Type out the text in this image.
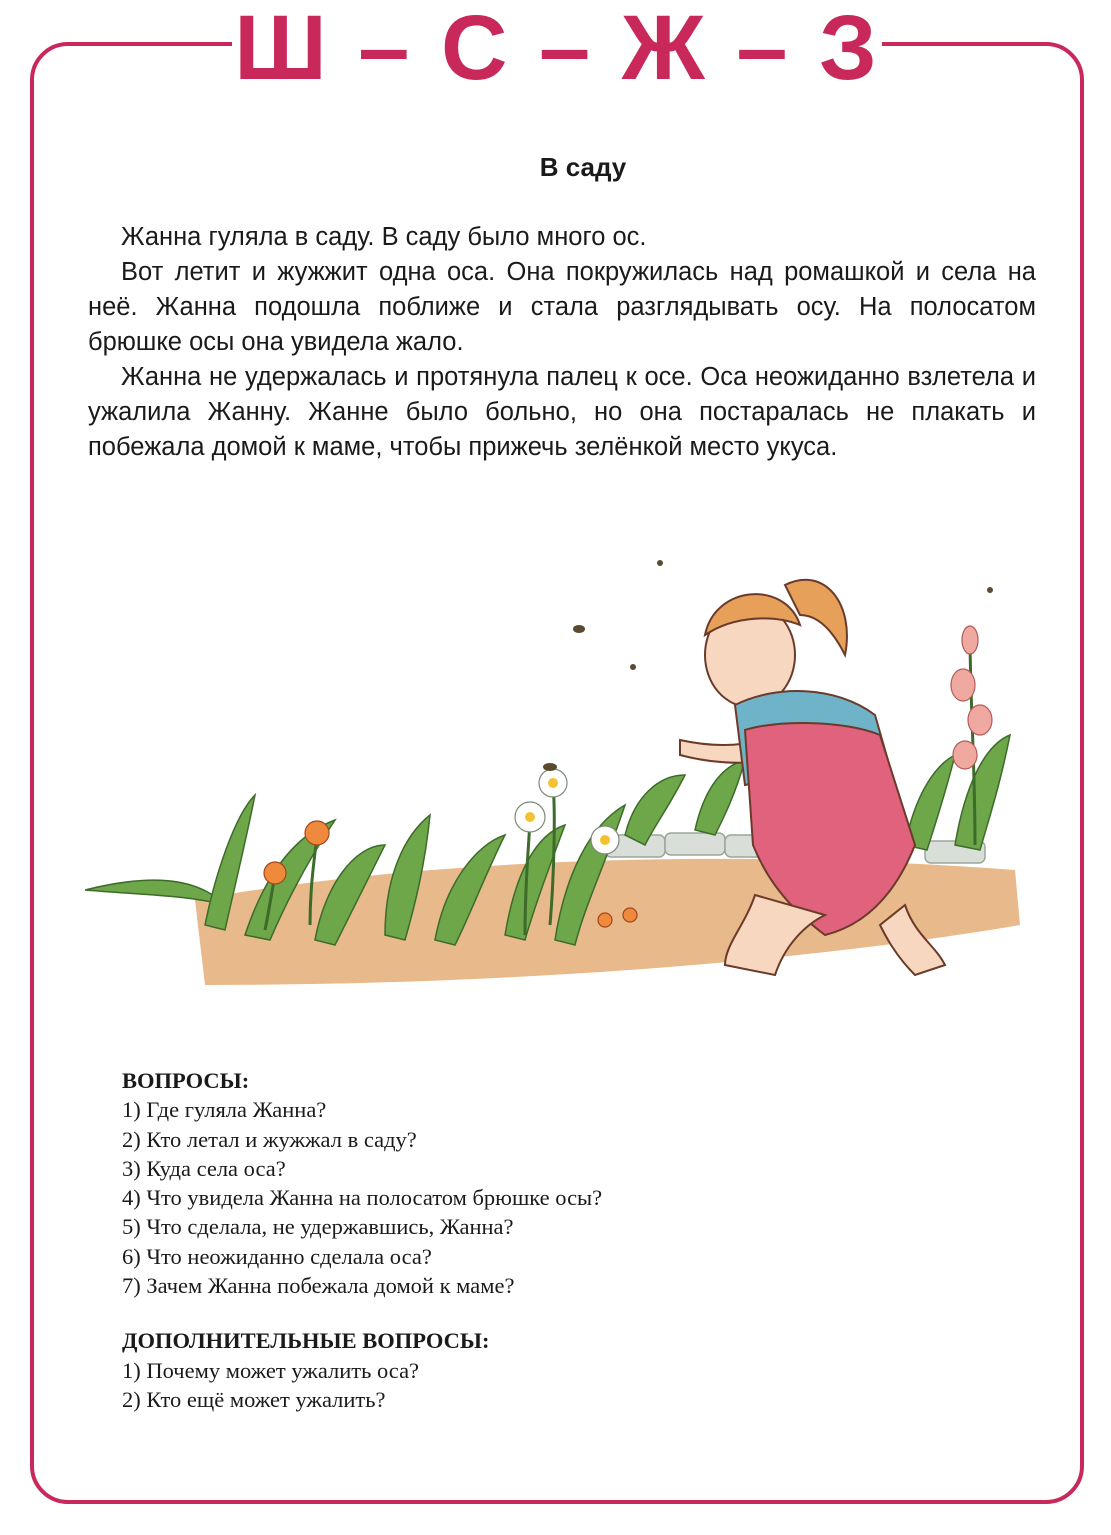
Ш – С – Ж – З
В саду

Жанна гуляла в саду. В саду было много ос.

Вот летит и жужжит одна оса. Она покружилась над ромашкой и села на неё. Жанна подошла поближе и стала разглядывать осу. На полосатом брюшке осы она увидела жало.

Жанна не удержалась и протянула палец к осе. Оса неожиданно взлетела и ужалила Жанну. Жанне было больно, но она постаралась не плакать и побежала домой к маме, чтобы прижечь зелёнкой место укуса.

ВОПРОСЫ:
1) Где гуляла Жанна?
2) Кто летал и жужжал в саду?
3) Куда села оса?
4) Что увидела Жанна на полосатом брюшке осы?
5) Что сделала, не удержавшись, Жанна?
6) Что неожиданно сделала оса?
7) Зачем Жанна побежала домой к маме?
ДОПОЛНИТЕЛЬНЫЕ ВОПРОСЫ:
1) Почему может ужалить оса?
2) Кто ещё может ужалить?
